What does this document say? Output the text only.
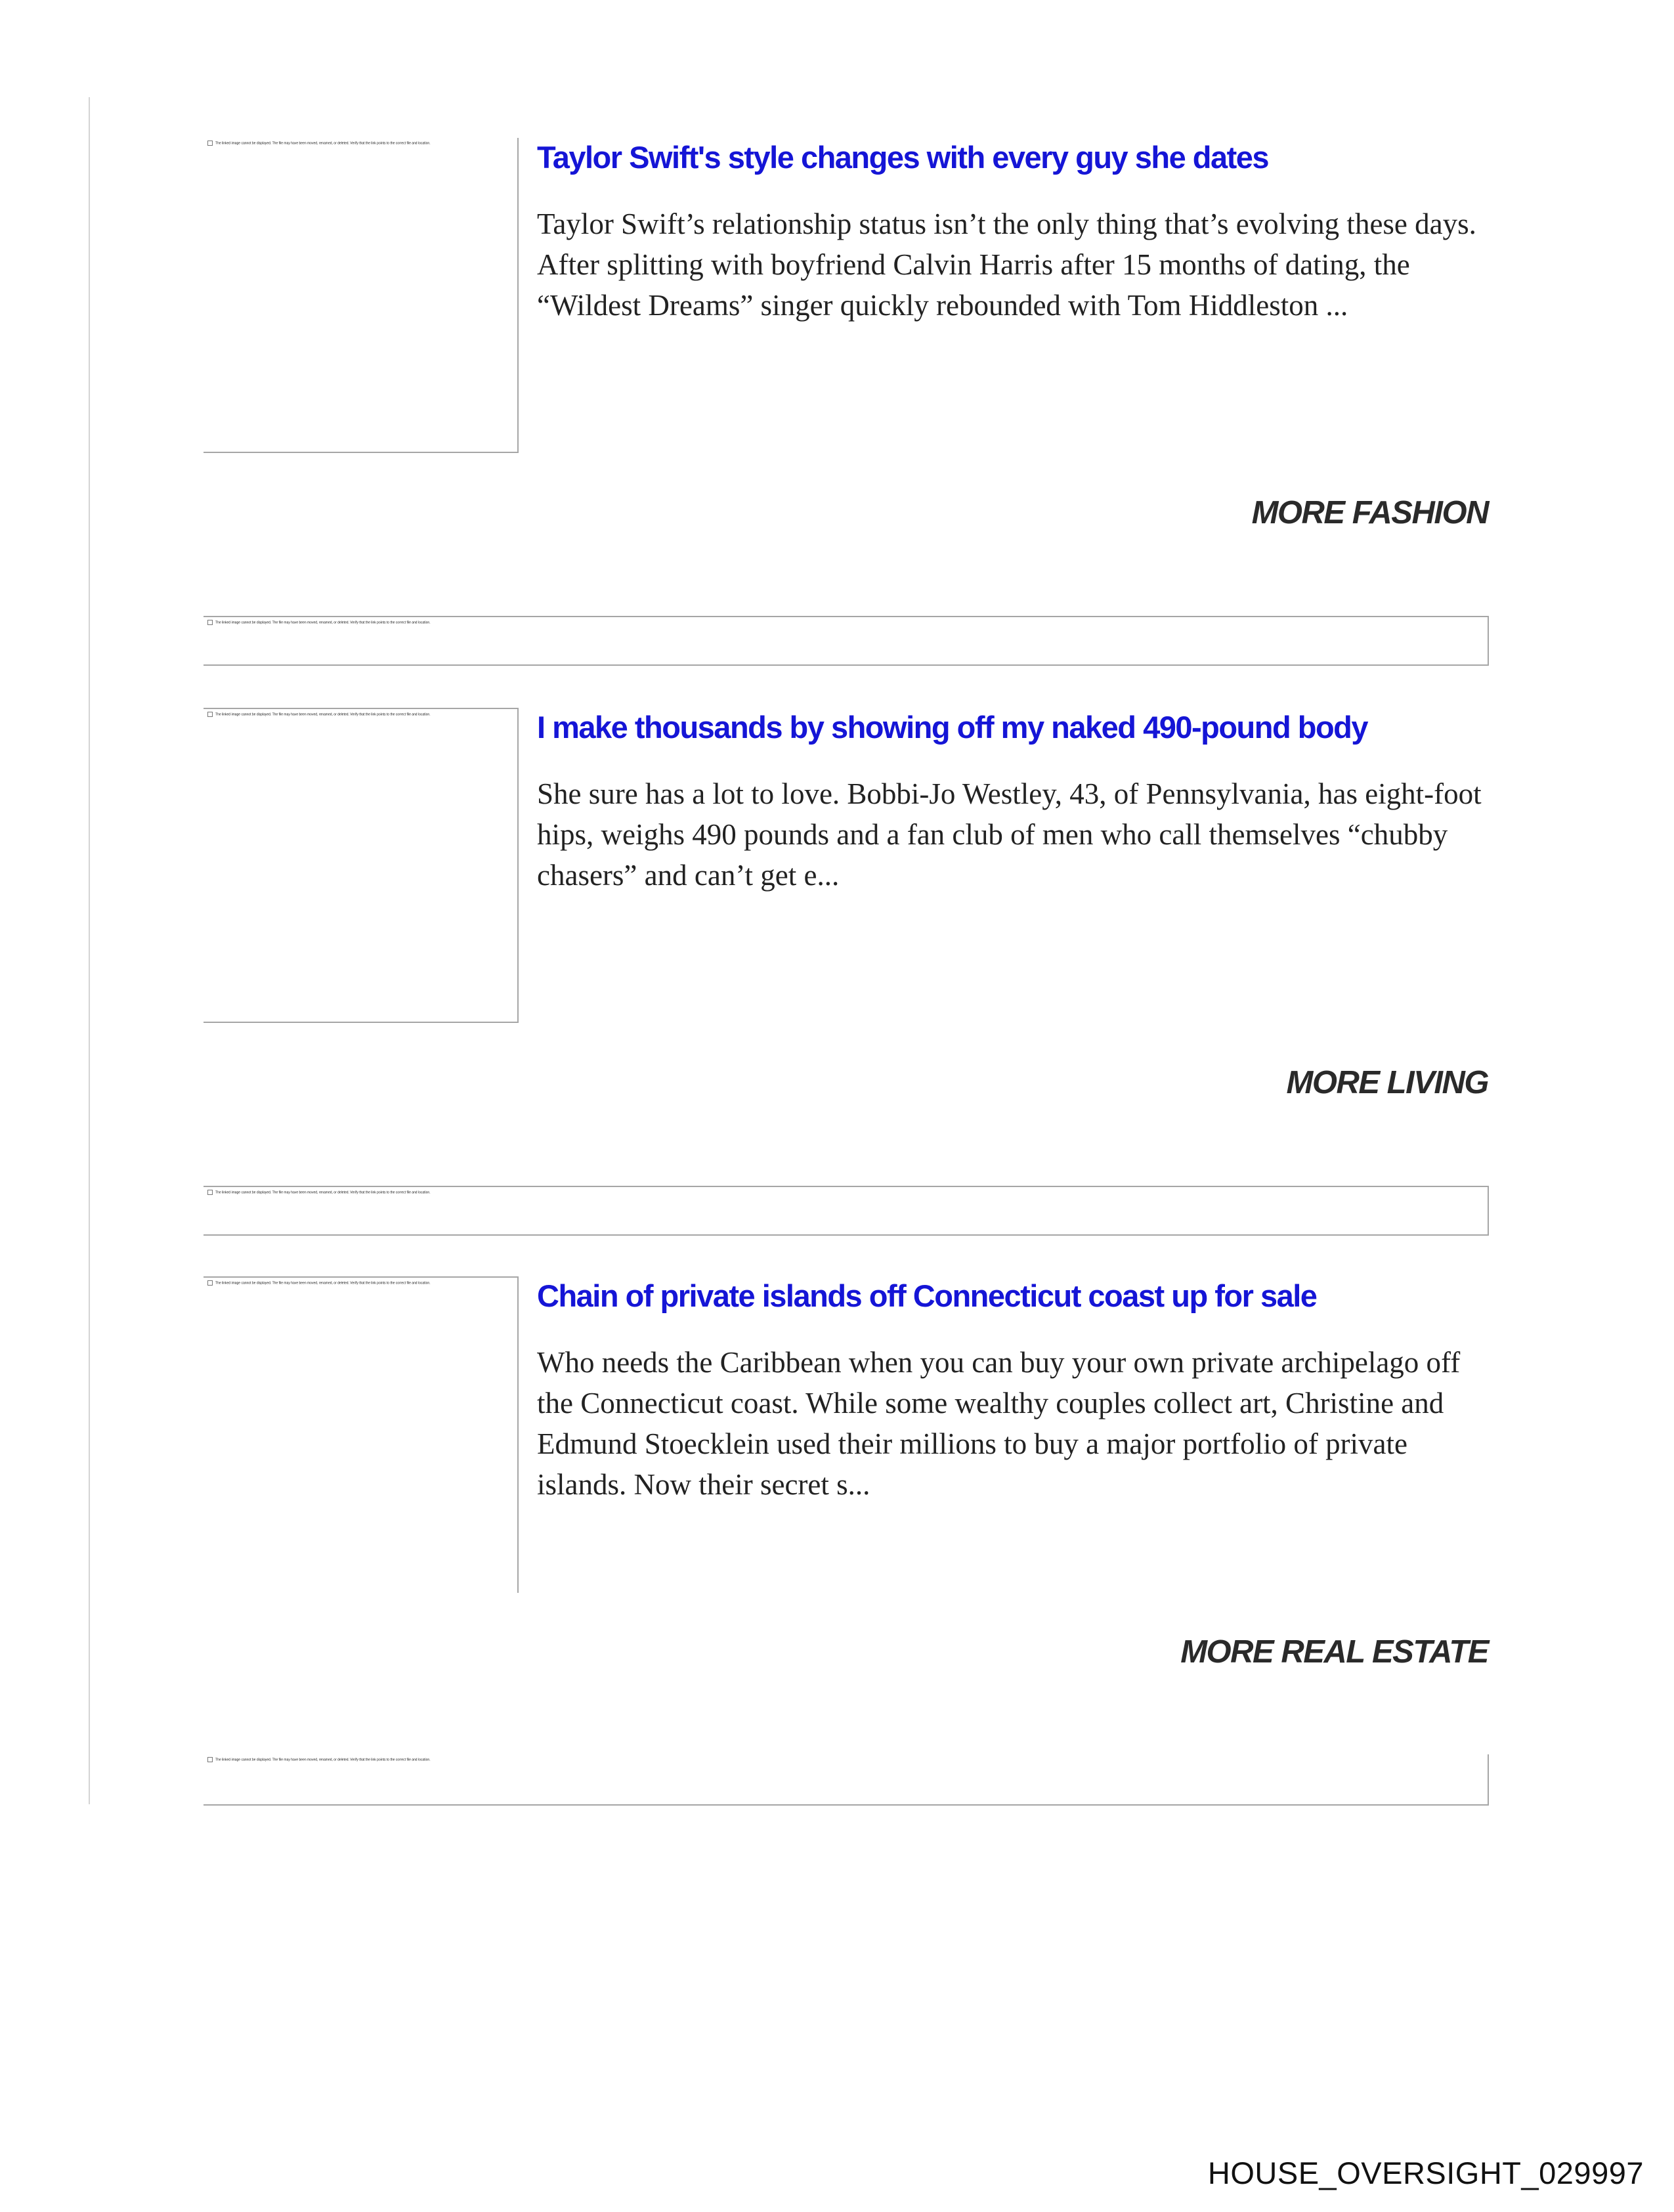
The linked image cannot be displayed. The file may have been moved, renamed, or deleted. Verify that the link points to the correct file and location.	Taylor Swift's style changes with every guy she dates
Taylor Swift’s relationship status isn’t the only thing that’s evolving these days. After splitting with boyfriend Calvin Harris after 15 months of dating, the “Wildest Dreams” singer quickly rebounded with Tom Hiddleston ...
MORE FASHION
The linked image cannot be displayed. The file may have been moved, renamed, or deleted. Verify that the link points to the correct file and location.
The linked image cannot be displayed. The file may have been moved, renamed, or deleted. Verify that the link points to the correct file and location.	I make thousands by showing off my naked 490-pound body
She sure has a lot to love. Bobbi-Jo Westley, 43, of Pennsylvania, has eight-foot hips, weighs 490 pounds and a fan club of men who call themselves “chubby chasers” and can’t get e...
MORE LIVING
The linked image cannot be displayed. The file may have been moved, renamed, or deleted. Verify that the link points to the correct file and location.
The linked image cannot be displayed. The file may have been moved, renamed, or deleted. Verify that the link points to the correct file and location.	Chain of private islands off Connecticut coast up for sale
Who needs the Caribbean when you can buy your own private archipelago off the Connecticut coast. While some wealthy couples collect art, Christine and Edmund Stoecklein used their millions to buy a major portfolio of private islands. Now their secret s...
MORE REAL ESTATE
The linked image cannot be displayed. The file may have been moved, renamed, or deleted. Verify that the link points to the correct file and location.
HOUSE_OVERSIGHT_029997
